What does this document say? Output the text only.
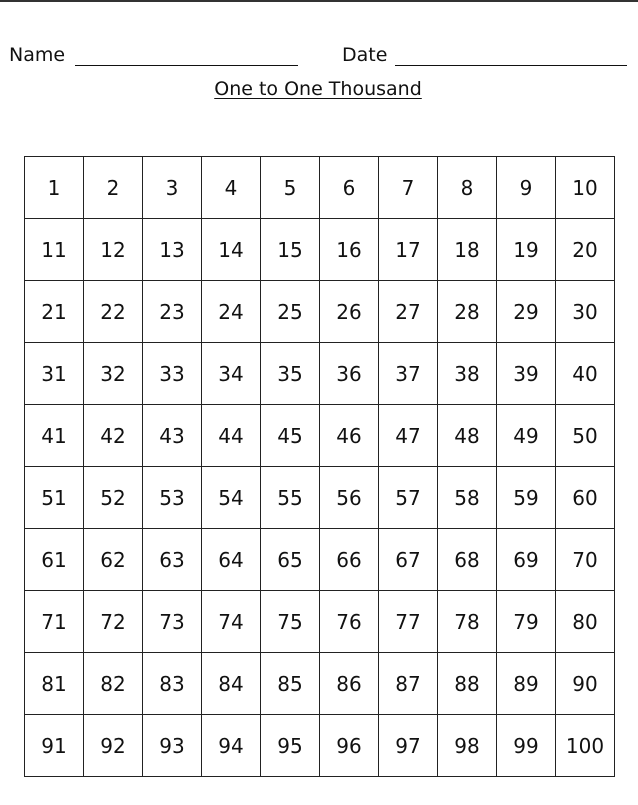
Name	Date
One to One Thousand
1	2	3	4	5	6	7	8	9	10
11	12	13	14	15	16	17	18	19	20
21	22	23	24	25	26	27	28	29	30
31	32	33	34	35	36	37	38	39	40
41	42	43	44	45	46	47	48	49	50
51	52	53	54	55	56	57	58	59	60
61	62	63	64	65	66	67	68	69	70
71	72	73	74	75	76	77	78	79	80
81	82	83	84	85	86	87	88	89	90
91	92	93	94	95	96	97	98	99	100
